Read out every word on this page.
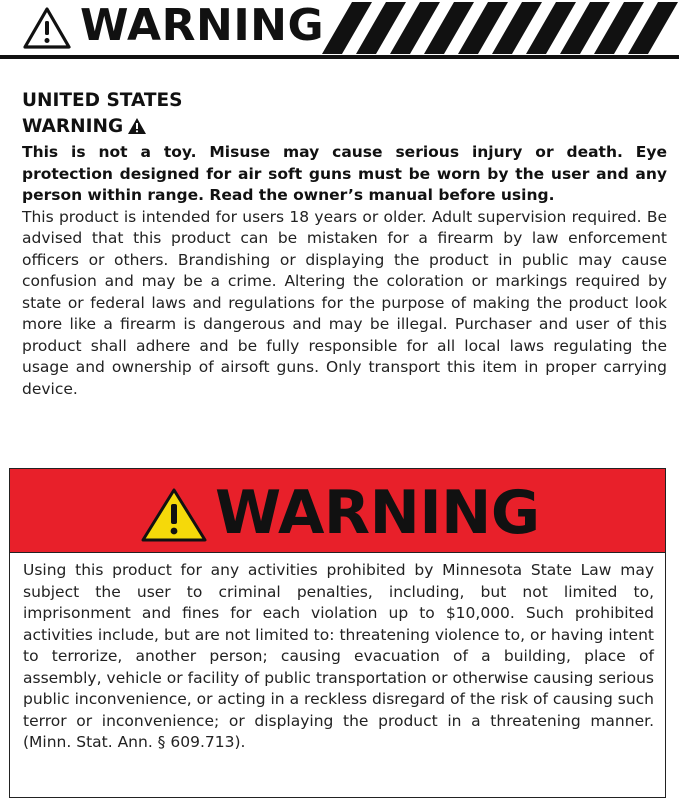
WARNING
UNITED STATES
WARNING
This is not a toy. Misuse may cause serious injury or death. Eye protection designed for air soft guns must be worn by the user and any person within range. Read the owner’s manual before using.
This product is intended for users 18 years or older. Adult supervision required. Be advised that this product can be mistaken for a firearm by law enforcement officers or others. Brandishing or displaying the product in public may cause confusion and may be a crime. Altering the coloration or markings required by state or federal laws and regulations for the purpose of making the product look more like a firearm is dangerous and may be illegal. Purchaser and user of this product shall adhere and be fully responsible for all local laws regulating the usage and ownership of airsoft guns. Only transport this item in proper carrying device.
WARNING
Using this product for any activities prohibited by Minnesota State Law may subject the user to criminal penalties, including, but not limited to, imprisonment and fines for each violation up to $10,000. Such prohibited activities include, but are not limited to: threatening violence to, or having intent to terrorize, another person; causing evacuation of a building, place of assembly, vehicle or facility of public transportation or otherwise causing serious public inconvenience, or acting in a reckless disregard of the risk of causing such terror or inconvenience; or displaying the product in a threatening manner. (Minn. Stat. Ann. § 609.713).
